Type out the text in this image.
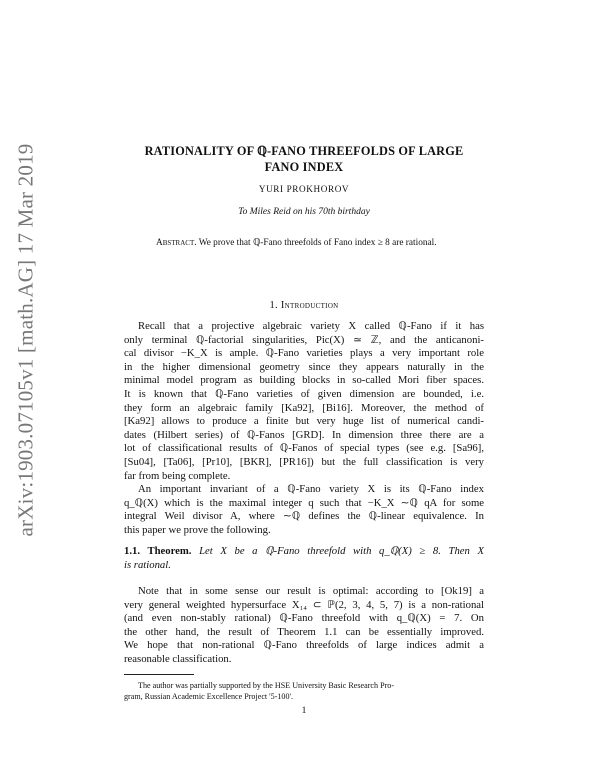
arXiv:1903.07105v1 [math.AG] 17 Mar 2019	RATIONALITY OF ℚ-FANO THREEFOLDS OF LARGE
FANO INDEX
YURI PROKHOROV
To Miles Reid on his 70th birthday
Abstract. We prove that ℚ-Fano threefolds of Fano index ≥ 8 are rational.
1. Introduction
Recall that a projective algebraic variety X called ℚ-Fano if it has
only terminal ℚ-factorial singularities, Pic(X) ≃ ℤ, and the anticanoni-
cal divisor −K_X is ample. ℚ-Fano varieties plays a very important role
in the higher dimensional geometry since they appears naturally in the
minimal model program as building blocks in so-called Mori fiber spaces.
It is known that ℚ-Fano varieties of given dimension are bounded, i.e.
they form an algebraic family [Ka92], [Bi16]. Moreover, the method of
[Ka92] allows to produce a finite but very huge list of numerical candi-
dates (Hilbert series) of ℚ-Fanos [GRD]. In dimension three there are a
lot of classificational results of ℚ-Fanos of special types (see e.g. [Sa96],
[Su04], [Ta06], [Pr10], [BKR], [PR16]) but the full classification is very
far from being complete.
An important invariant of a ℚ-Fano variety X is its ℚ-Fano index
q_ℚ(X) which is the maximal integer q such that −K_X ∼ℚ qA for some
integral Weil divisor A, where ∼ℚ defines the ℚ-linear equivalence. In
this paper we prove the following.
1.1. Theorem. Let X be a ℚ-Fano threefold with q_ℚ(X) ≥ 8. Then X
is rational.
Note that in some sense our result is optimal: according to [Ok19] a
very general weighted hypersurface X₁₄ ⊂ ℙ(2, 3, 4, 5, 7) is a non-rational
(and even non-stably rational) ℚ-Fano threefold with q_ℚ(X) = 7. On
the other hand, the result of Theorem 1.1 can be essentially improved.
We hope that non-rational ℚ-Fano threefolds of large indices admit a
reasonable classification.
The author was partially supported by the HSE University Basic Research Pro-
gram, Russian Academic Excellence Project '5-100'.
1
